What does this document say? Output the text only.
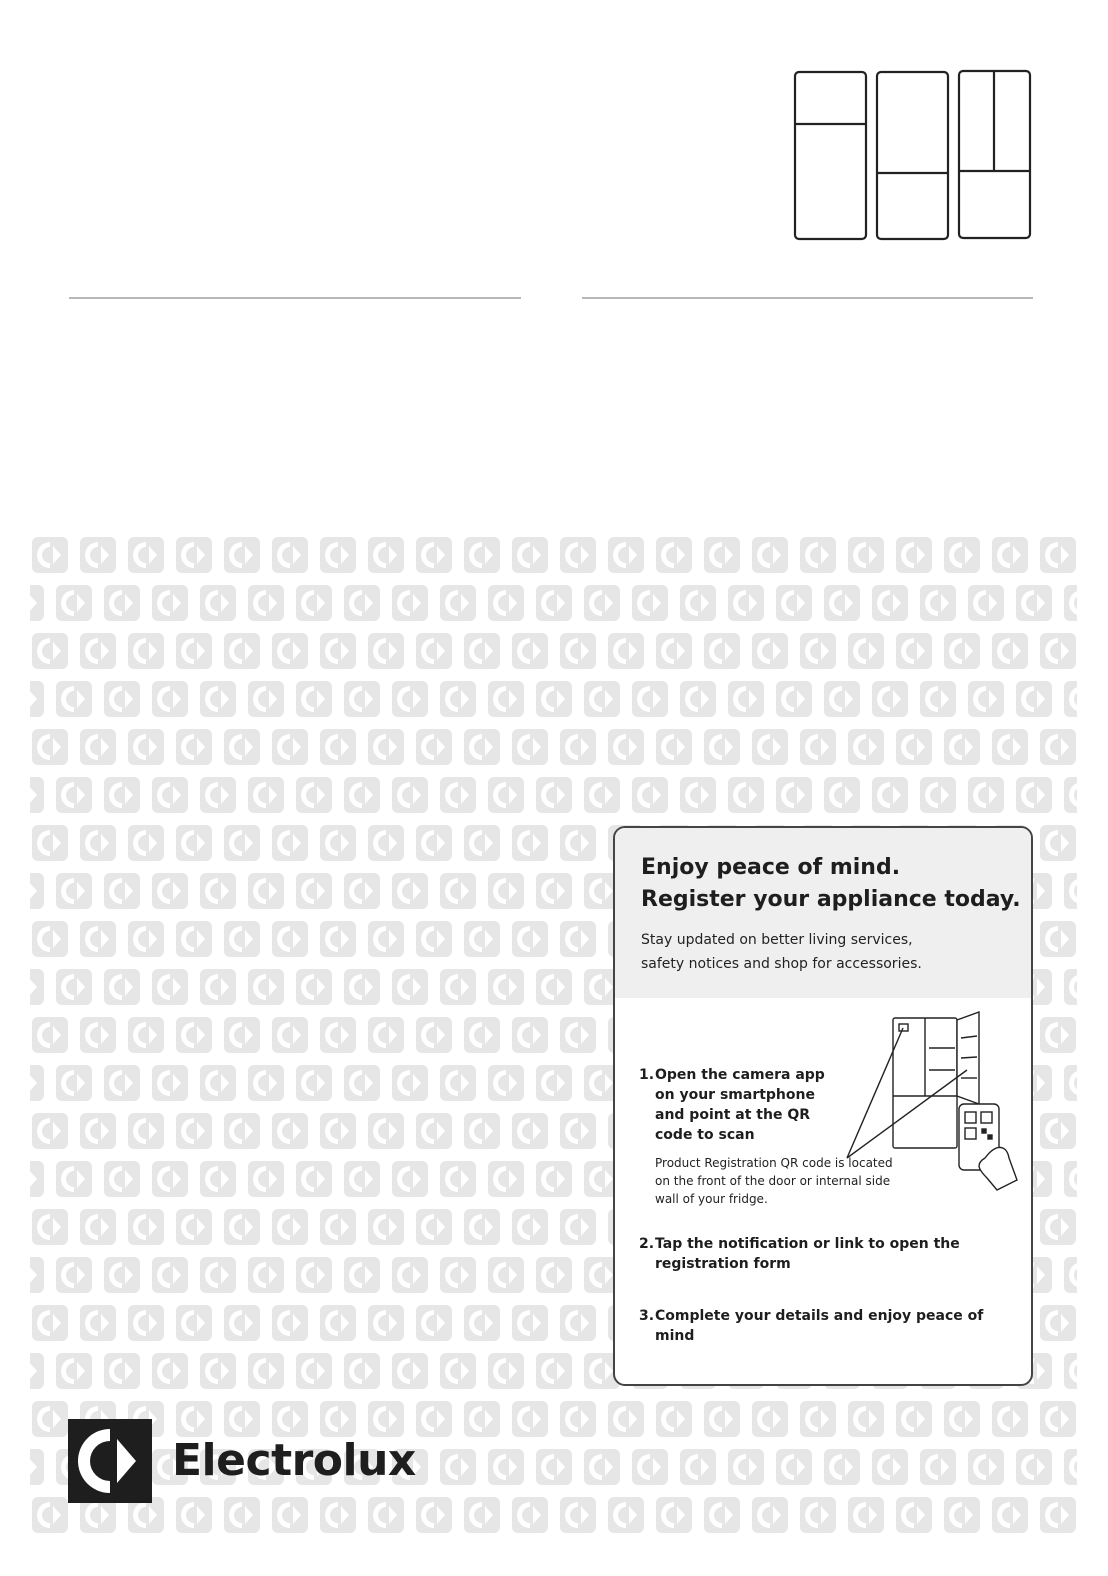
Enjoy peace of mind.
Register your appliance today.

Stay updated on better living services,
safety notices and shop for accessories.

1. Open the camera app on your smartphone and point at the QR code to scan

Product Registration QR code is located on the front of the door or internal side wall of your fridge.

2. Tap the notification or link to open the registration form

3. Complete your details and enjoy peace of mind

Electrolux
